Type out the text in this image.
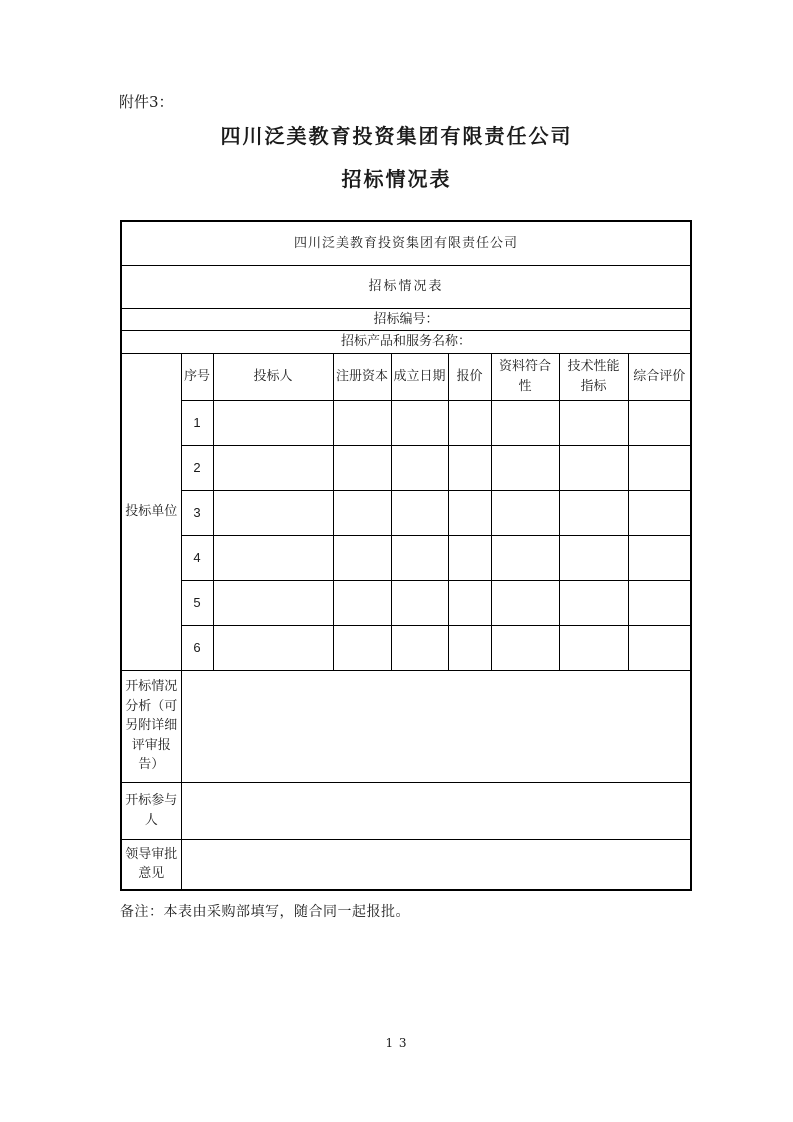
附件3：
四川泛美教育投资集团有限责任公司
招标情况表
四川泛美教育投资集团有限责任公司								
招标情况表								
招标编号：								
招标产品和服务名称：								
投标单位	序号	投标人	注册资本	成立日期	报价	资料符合性	技术性能指标	综合评价
	1							
	2							
	3							
	4							
	5							
	6							
开标情况分析（可另附详细评审报告）								
开标参与人								
领导审批意见								
备注：本表由采购部填写，随合同一起报批。
1 3
